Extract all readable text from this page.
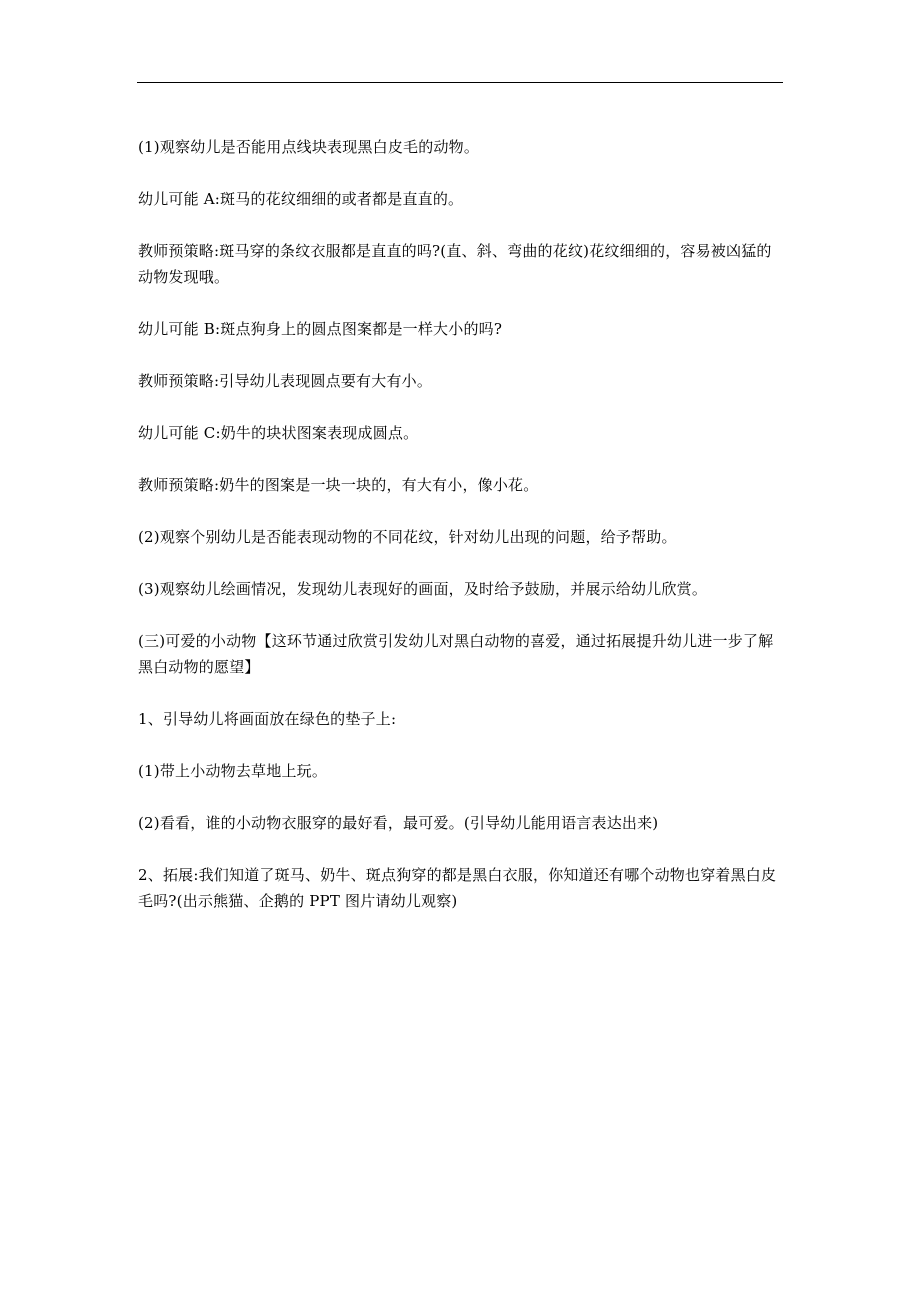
(1)观察幼儿是否能用点线块表现黑白皮毛的动物。

幼儿可能 A:斑马的花纹细细的或者都是直直的。

教师预策略:斑马穿的条纹衣服都是直直的吗?(直、斜、弯曲的花纹)花纹细细的，容易被凶猛的动物发现哦。

幼儿可能 B:斑点狗身上的圆点图案都是一样大小的吗?

教师预策略:引导幼儿表现圆点要有大有小。

幼儿可能 C:奶牛的块状图案表现成圆点。

教师预策略:奶牛的图案是一块一块的，有大有小，像小花。

(2)观察个别幼儿是否能表现动物的不同花纹，针对幼儿出现的问题，给予帮助。

(3)观察幼儿绘画情况，发现幼儿表现好的画面，及时给予鼓励，并展示给幼儿欣赏。

(三)可爱的小动物【这环节通过欣赏引发幼儿对黑白动物的喜爱，通过拓展提升幼儿进一步了解黑白动物的愿望】

1、引导幼儿将画面放在绿色的垫子上:

(1)带上小动物去草地上玩。

(2)看看，谁的小动物衣服穿的最好看，最可爱。(引导幼儿能用语言表达出来)

2、拓展:我们知道了斑马、奶牛、斑点狗穿的都是黑白衣服，你知道还有哪个动物也穿着黑白皮毛吗?(出示熊猫、企鹅的 PPT 图片请幼儿观察)
